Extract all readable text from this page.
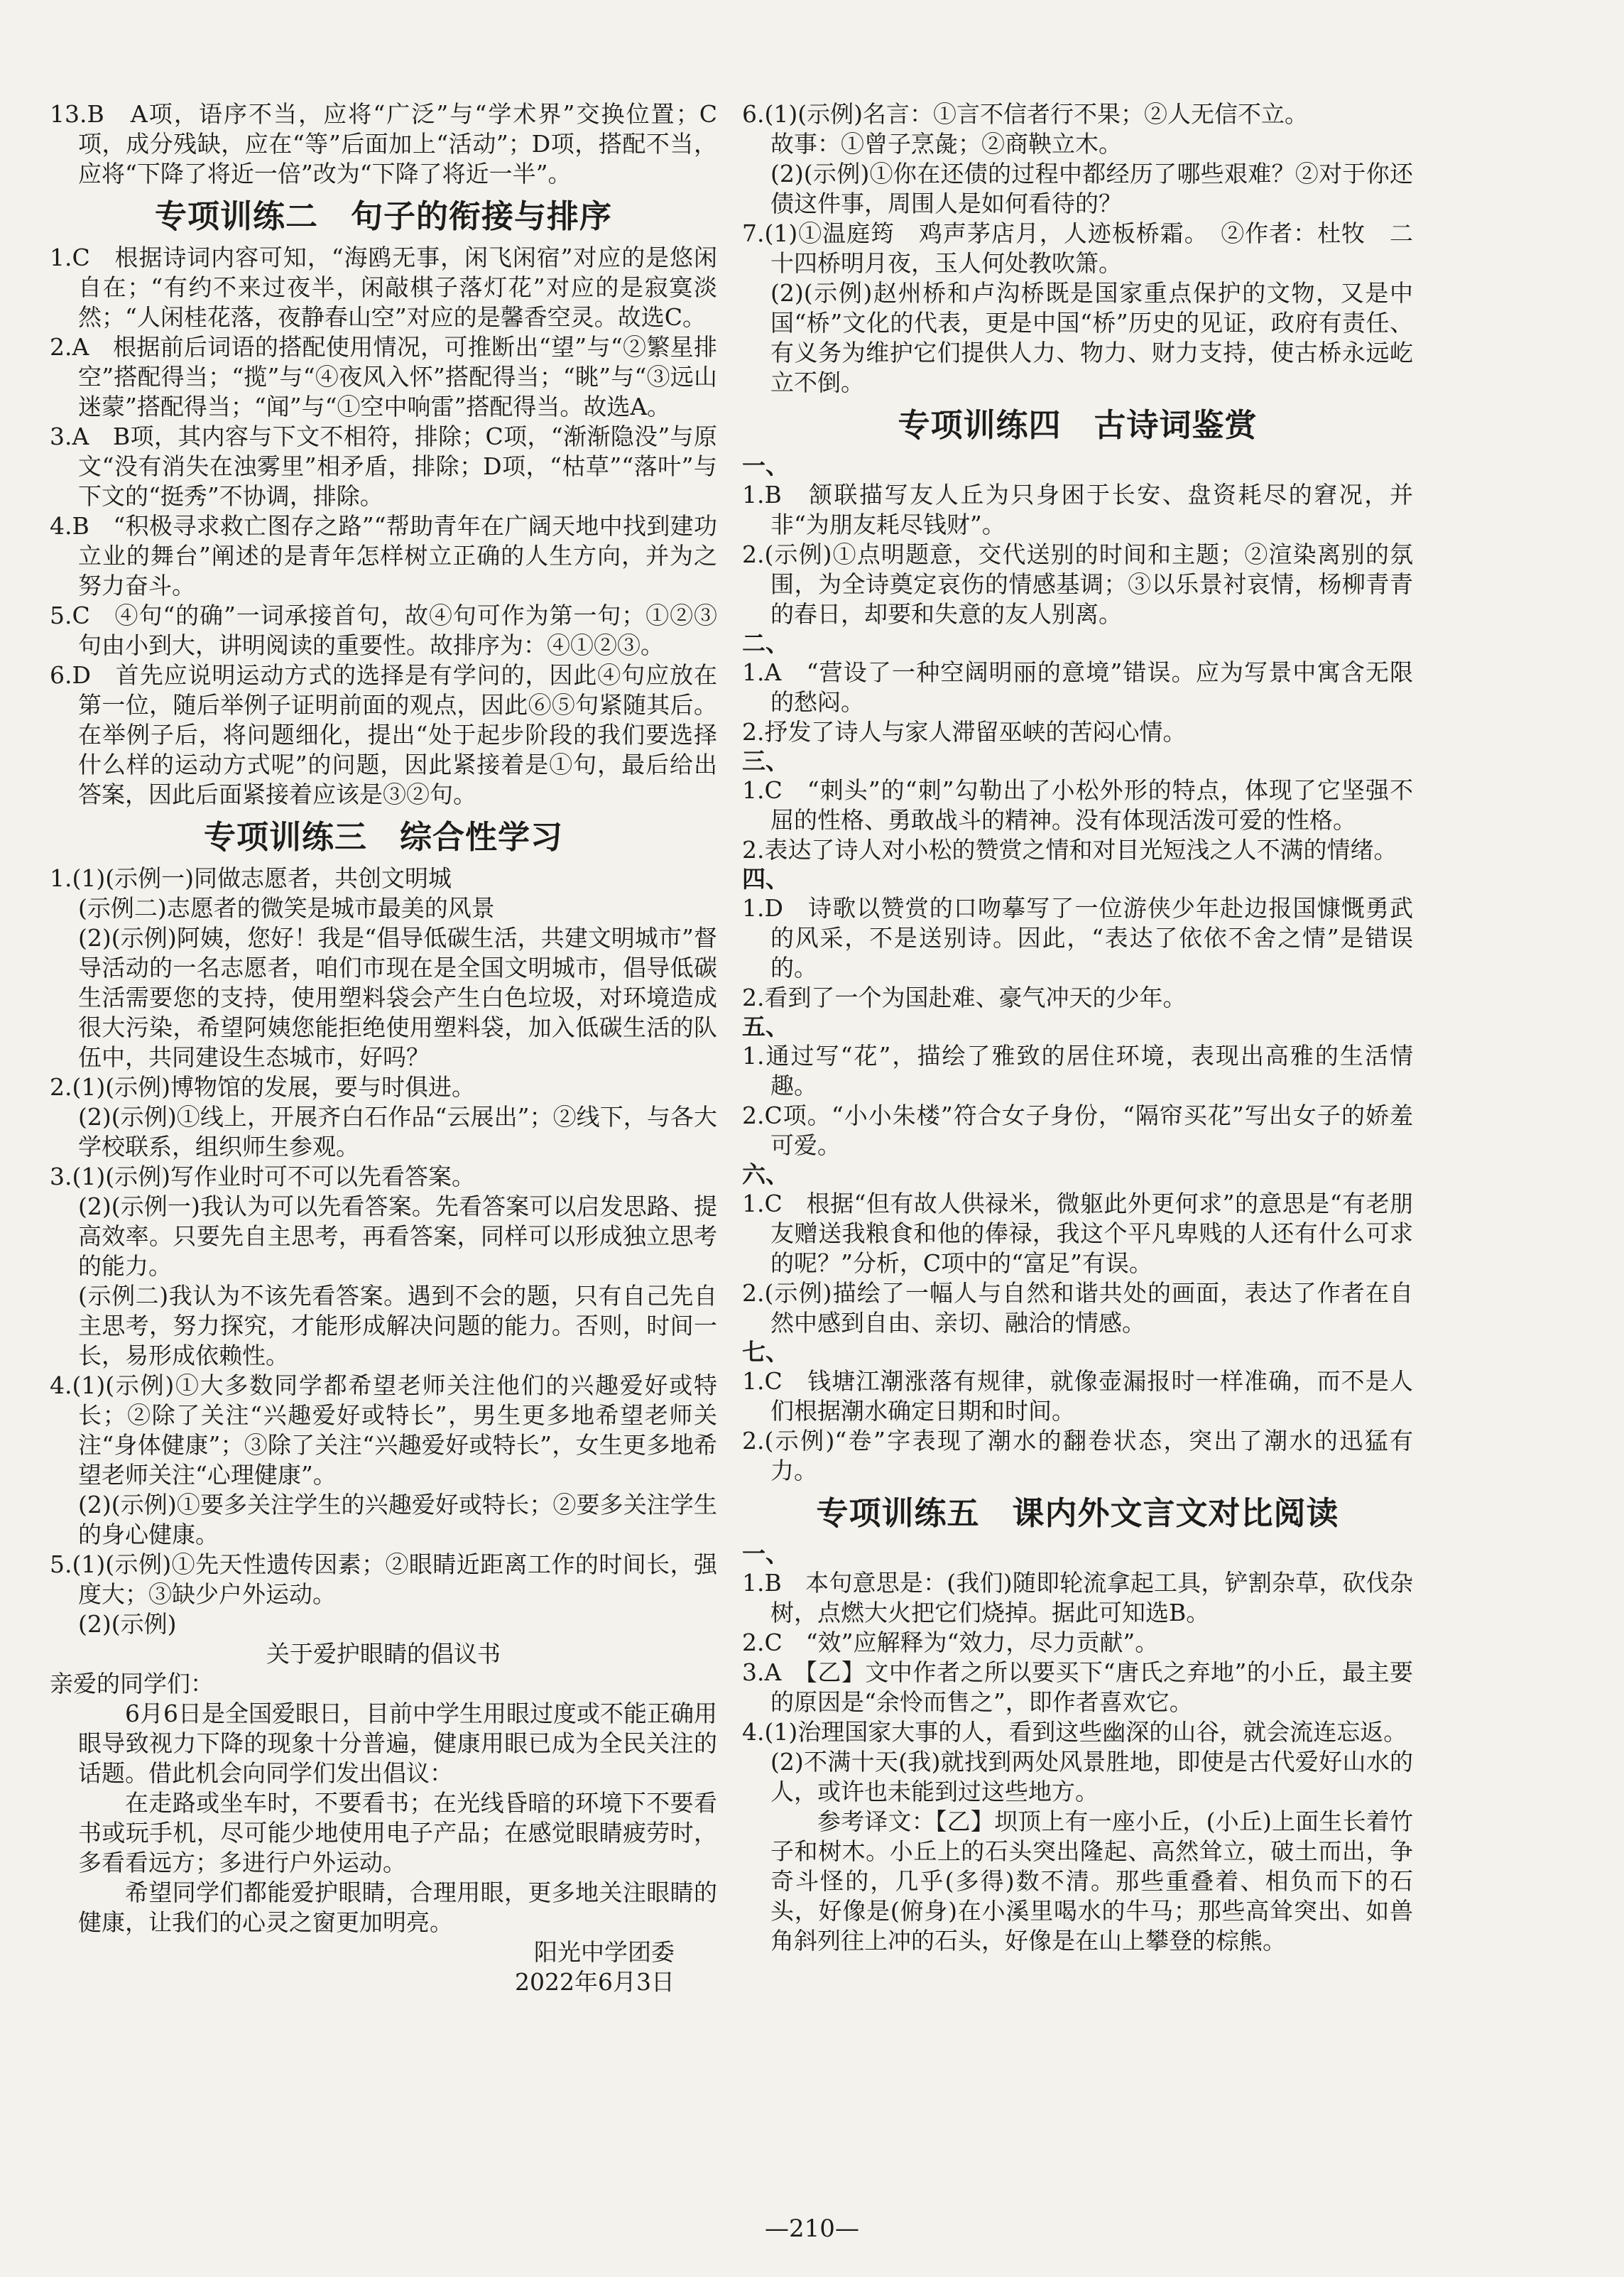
13.B　A项，语序不当，应将“广泛”与“学术界”交换位置；C项，成分残缺，应在“等”后面加上“活动”；D项，搭配不当，应将“下降了将近一倍”改为“下降了将近一半”。
专项训练二　句子的衔接与排序
1.C　根据诗词内容可知，“海鸥无事，闲飞闲宿”对应的是悠闲自在；“有约不来过夜半，闲敲棋子落灯花”对应的是寂寞淡然；“人闲桂花落，夜静春山空”对应的是馨香空灵。故选C。
2.A　根据前后词语的搭配使用情况，可推断出“望”与“②繁星排空”搭配得当；“揽”与“④夜风入怀”搭配得当；“眺”与“③远山迷蒙”搭配得当；“闻”与“①空中响雷”搭配得当。故选A。
3.A　B项，其内容与下文不相符，排除；C项，“渐渐隐没”与原文“没有消失在浊雾里”相矛盾，排除；D项，“枯草”“落叶”与下文的“挺秀”不协调，排除。
4.B　“积极寻求救亡图存之路”“帮助青年在广阔天地中找到建功立业的舞台”阐述的是青年怎样树立正确的人生方向，并为之努力奋斗。
5.C　④句“的确”一词承接首句，故④句可作为第一句；①②③句由小到大，讲明阅读的重要性。故排序为：④①②③。
6.D　首先应说明运动方式的选择是有学问的，因此④句应放在第一位，随后举例子证明前面的观点，因此⑥⑤句紧随其后。在举例子后，将问题细化，提出“处于起步阶段的我们要选择什么样的运动方式呢”的问题，因此紧接着是①句，最后给出答案，因此后面紧接着应该是③②句。
专项训练三　综合性学习
1.(1)(示例一)同做志愿者，共创文明城
(示例二)志愿者的微笑是城市最美的风景
(2)(示例)阿姨，您好！我是“倡导低碳生活，共建文明城市”督导活动的一名志愿者，咱们市现在是全国文明城市，倡导低碳生活需要您的支持，使用塑料袋会产生白色垃圾，对环境造成很大污染，希望阿姨您能拒绝使用塑料袋，加入低碳生活的队伍中，共同建设生态城市，好吗？
2.(1)(示例)博物馆的发展，要与时俱进。
(2)(示例)①线上，开展齐白石作品“云展出”；②线下，与各大学校联系，组织师生参观。
3.(1)(示例)写作业时可不可以先看答案。
(2)(示例一)我认为可以先看答案。先看答案可以启发思路、提高效率。只要先自主思考，再看答案，同样可以形成独立思考的能力。
(示例二)我认为不该先看答案。遇到不会的题，只有自己先自主思考，努力探究，才能形成解决问题的能力。否则，时间一长，易形成依赖性。
4.(1)(示例)①大多数同学都希望老师关注他们的兴趣爱好或特长；②除了关注“兴趣爱好或特长”，男生更多地希望老师关注“身体健康”；③除了关注“兴趣爱好或特长”，女生更多地希望老师关注“心理健康”。
(2)(示例)①要多关注学生的兴趣爱好或特长；②要多关注学生的身心健康。
5.(1)(示例)①先天性遗传因素；②眼睛近距离工作的时间长，强度大；③缺少户外运动。
(2)(示例)
关于爱护眼睛的倡议书
亲爱的同学们：
6月6日是全国爱眼日，目前中学生用眼过度或不能正确用眼导致视力下降的现象十分普遍，健康用眼已成为全民关注的话题。借此机会向同学们发出倡议：
在走路或坐车时，不要看书；在光线昏暗的环境下不要看书或玩手机，尽可能少地使用电子产品；在感觉眼睛疲劳时，多看看远方；多进行户外运动。
希望同学们都能爱护眼睛，合理用眼，更多地关注眼睛的健康，让我们的心灵之窗更加明亮。
阳光中学团委
2022年6月3日
6.(1)(示例)名言：①言不信者行不果；②人无信不立。
故事：①曾子烹彘；②商鞅立木。
(2)(示例)①你在还债的过程中都经历了哪些艰难？②对于你还债这件事，周围人是如何看待的？
7.(1)①温庭筠　鸡声茅店月，人迹板桥霜。　②作者：杜牧　二十四桥明月夜，玉人何处教吹箫。
(2)(示例)赵州桥和卢沟桥既是国家重点保护的文物，又是中国“桥”文化的代表，更是中国“桥”历史的见证，政府有责任、有义务为维护它们提供人力、物力、财力支持，使古桥永远屹立不倒。
专项训练四　古诗词鉴赏
一、
1.B　颔联描写友人丘为只身困于长安、盘资耗尽的窘况，并非“为朋友耗尽钱财”。
2.(示例)①点明题意，交代送别的时间和主题；②渲染离别的氛围，为全诗奠定哀伤的情感基调；③以乐景衬哀情，杨柳青青的春日，却要和失意的友人别离。
二、
1.A　“营设了一种空阔明丽的意境”错误。应为写景中寓含无限的愁闷。
2.抒发了诗人与家人滞留巫峡的苦闷心情。
三、
1.C　“刺头”的“刺”勾勒出了小松外形的特点，体现了它坚强不屈的性格、勇敢战斗的精神。没有体现活泼可爱的性格。
2.表达了诗人对小松的赞赏之情和对目光短浅之人不满的情绪。
四、
1.D　诗歌以赞赏的口吻摹写了一位游侠少年赴边报国慷慨勇武的风采，不是送别诗。因此，“表达了依依不舍之情”是错误的。
2.看到了一个为国赴难、豪气冲天的少年。
五、
1.通过写“花”，描绘了雅致的居住环境，表现出高雅的生活情趣。
2.C项。“小小朱楼”符合女子身份，“隔帘买花”写出女子的娇羞可爱。
六、
1.C　根据“但有故人供禄米，微躯此外更何求”的意思是“有老朋友赠送我粮食和他的俸禄，我这个平凡卑贱的人还有什么可求的呢？”分析，C项中的“富足”有误。
2.(示例)描绘了一幅人与自然和谐共处的画面，表达了作者在自然中感到自由、亲切、融洽的情感。
七、
1.C　钱塘江潮涨落有规律，就像壶漏报时一样准确，而不是人们根据潮水确定日期和时间。
2.(示例)“卷”字表现了潮水的翻卷状态，突出了潮水的迅猛有力。
专项训练五　课内外文言文对比阅读
一、
1.B　本句意思是：(我们)随即轮流拿起工具，铲割杂草，砍伐杂树，点燃大火把它们烧掉。据此可知选B。
2.C　“效”应解释为“效力，尽力贡献”。
3.A　【乙】文中作者之所以要买下“唐氏之弃地”的小丘，最主要的原因是“余怜而售之”，即作者喜欢它。
4.(1)治理国家大事的人，看到这些幽深的山谷，就会流连忘返。
(2)不满十天(我)就找到两处风景胜地，即使是古代爱好山水的人，或许也未能到过这些地方。
参考译文：【乙】坝顶上有一座小丘，(小丘)上面生长着竹子和树木。小丘上的石头突出隆起、高然耸立，破土而出，争奇斗怪的，几乎(多得)数不清。那些重叠着、相负而下的石头，好像是(俯身)在小溪里喝水的牛马；那些高耸突出、如兽角斜列往上冲的石头，好像是在山上攀登的棕熊。
—210—
